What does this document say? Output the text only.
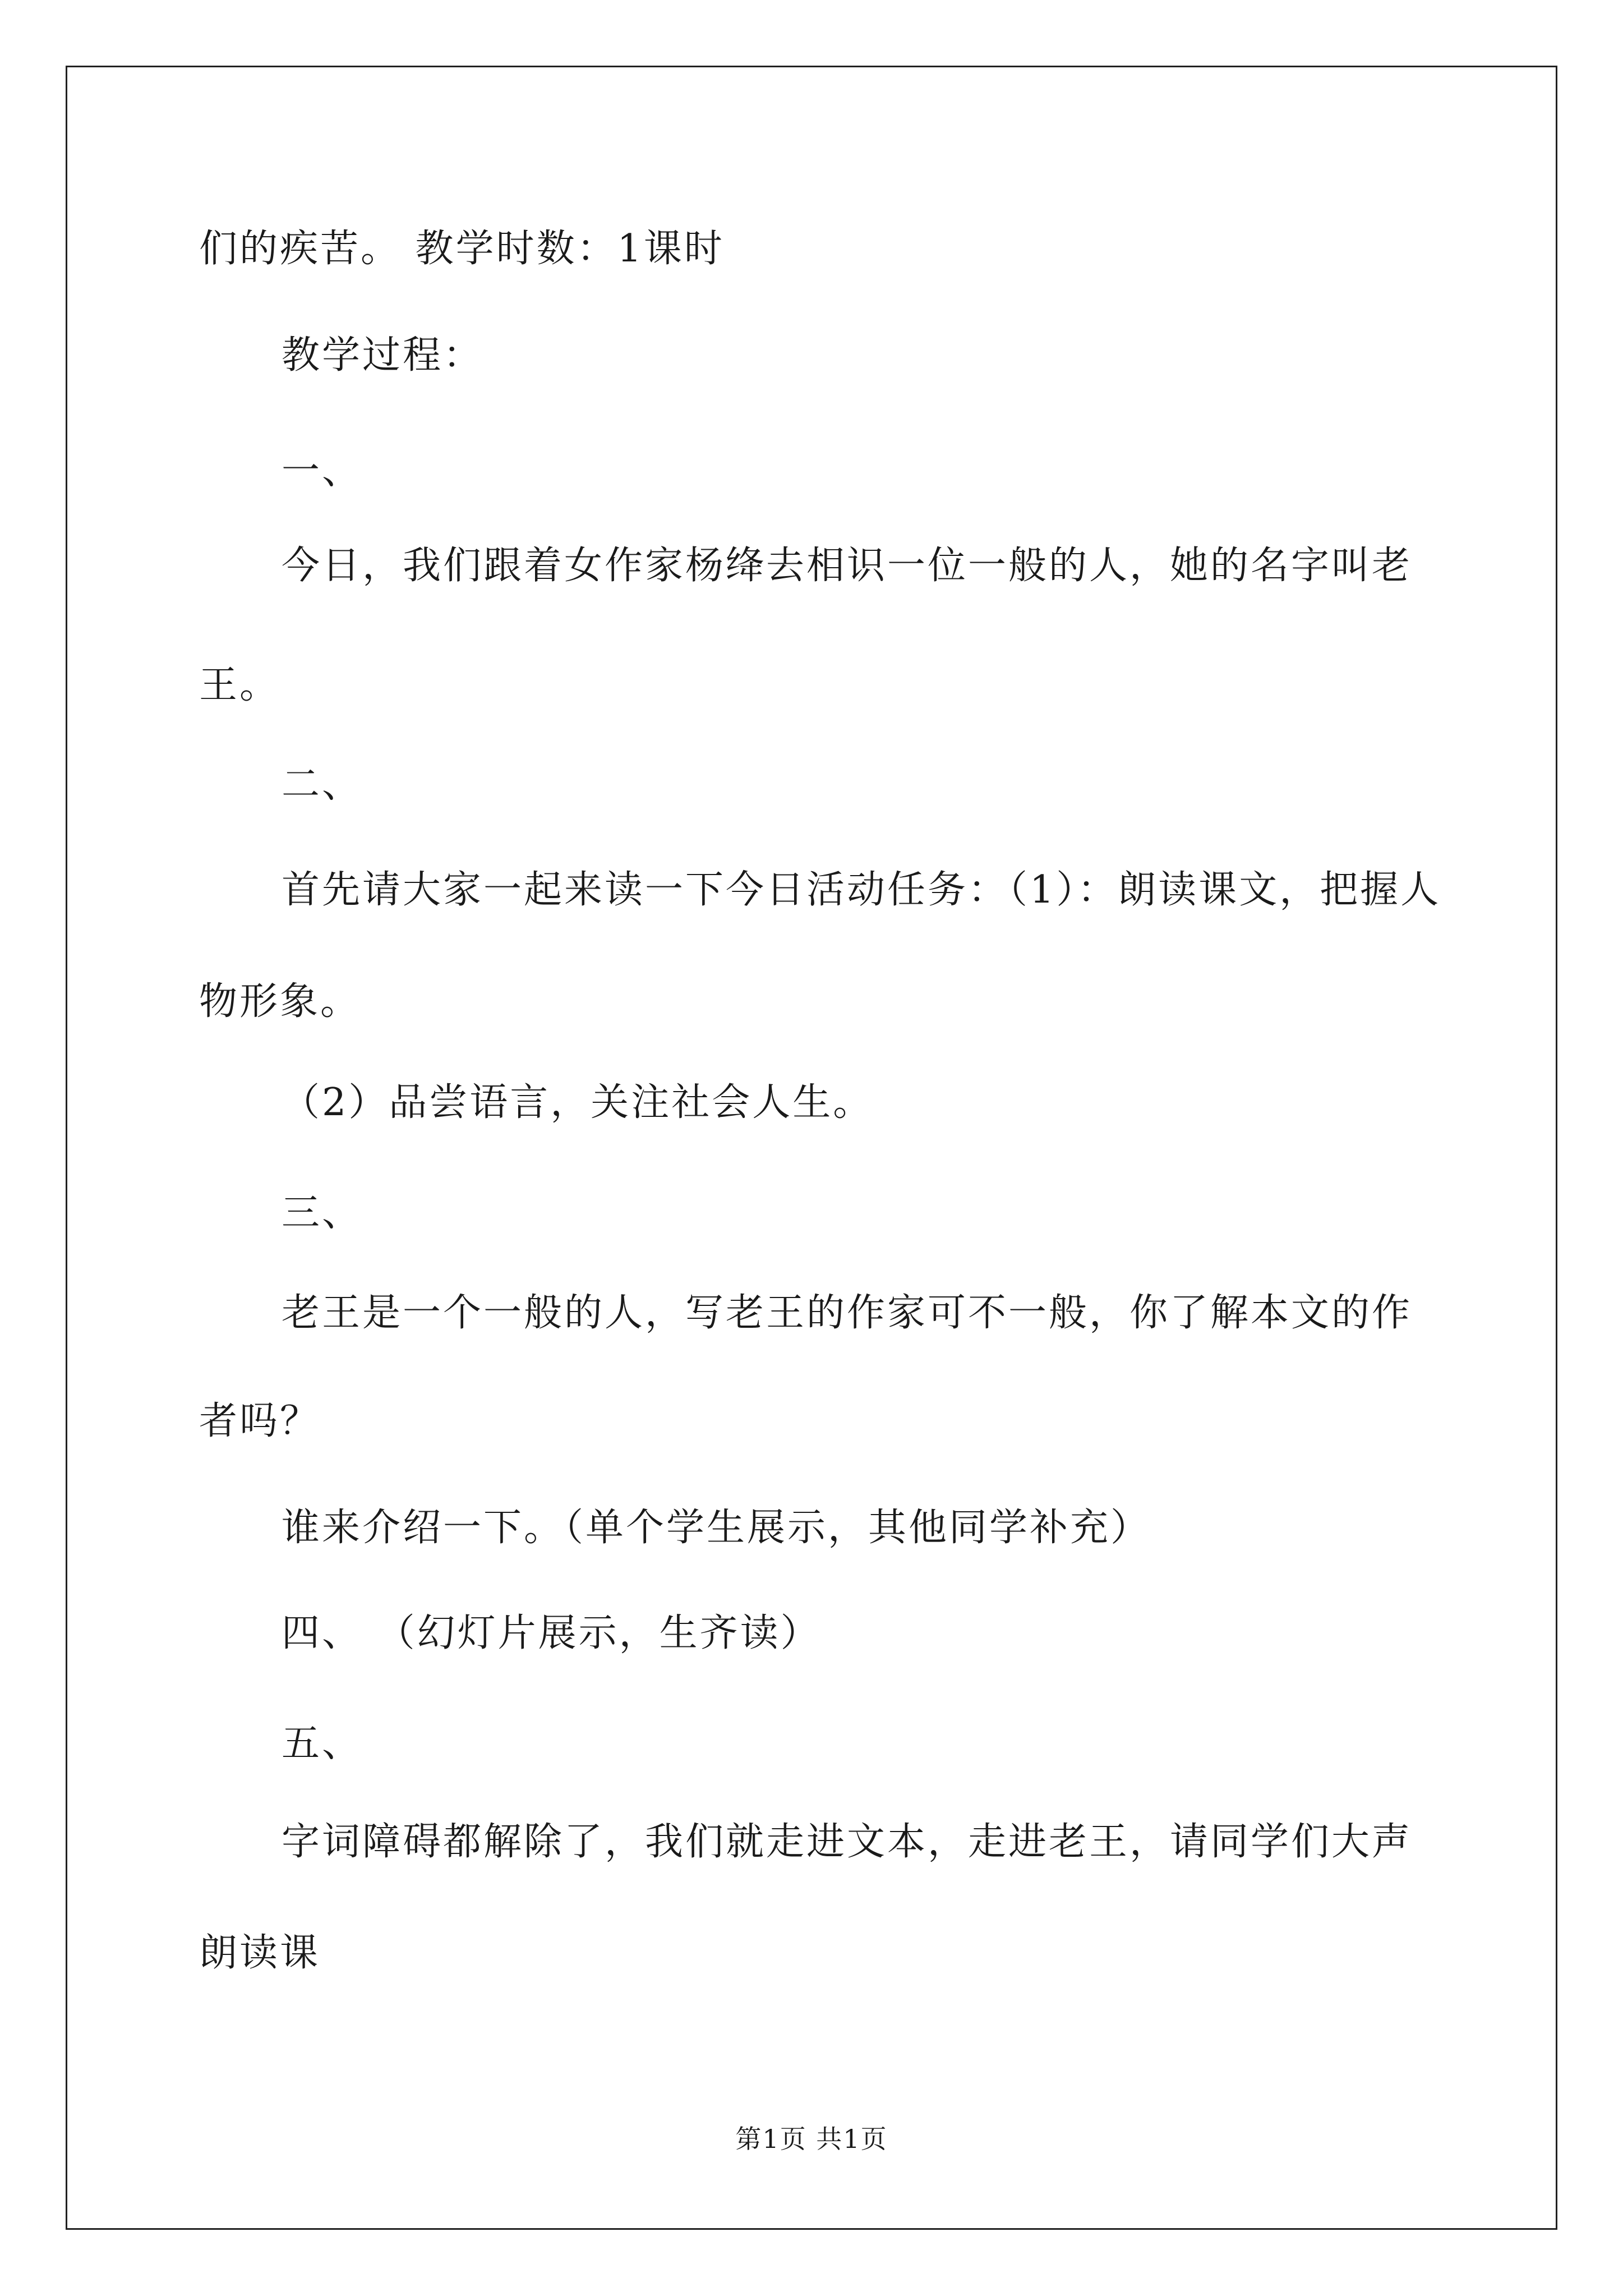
们的疾苦。 教学时数：1课时
教学过程：
一、
今日，我们跟着女作家杨绛去相识一位一般的人，她的名字叫老
王。
二、
首先请大家一起来读一下今日活动任务：（1）：朗读课文，把握人
物形象。
（2）品尝语言，关注社会人生。
三、
老王是一个一般的人，写老王的作家可不一般，你了解本文的作
者吗？
谁来介绍一下。（单个学生展示，其他同学补充）
四、 （幻灯片展示，生齐读）
五、
字词障碍都解除了，我们就走进文本，走进老王，请同学们大声
朗读课
第1页 共1页
